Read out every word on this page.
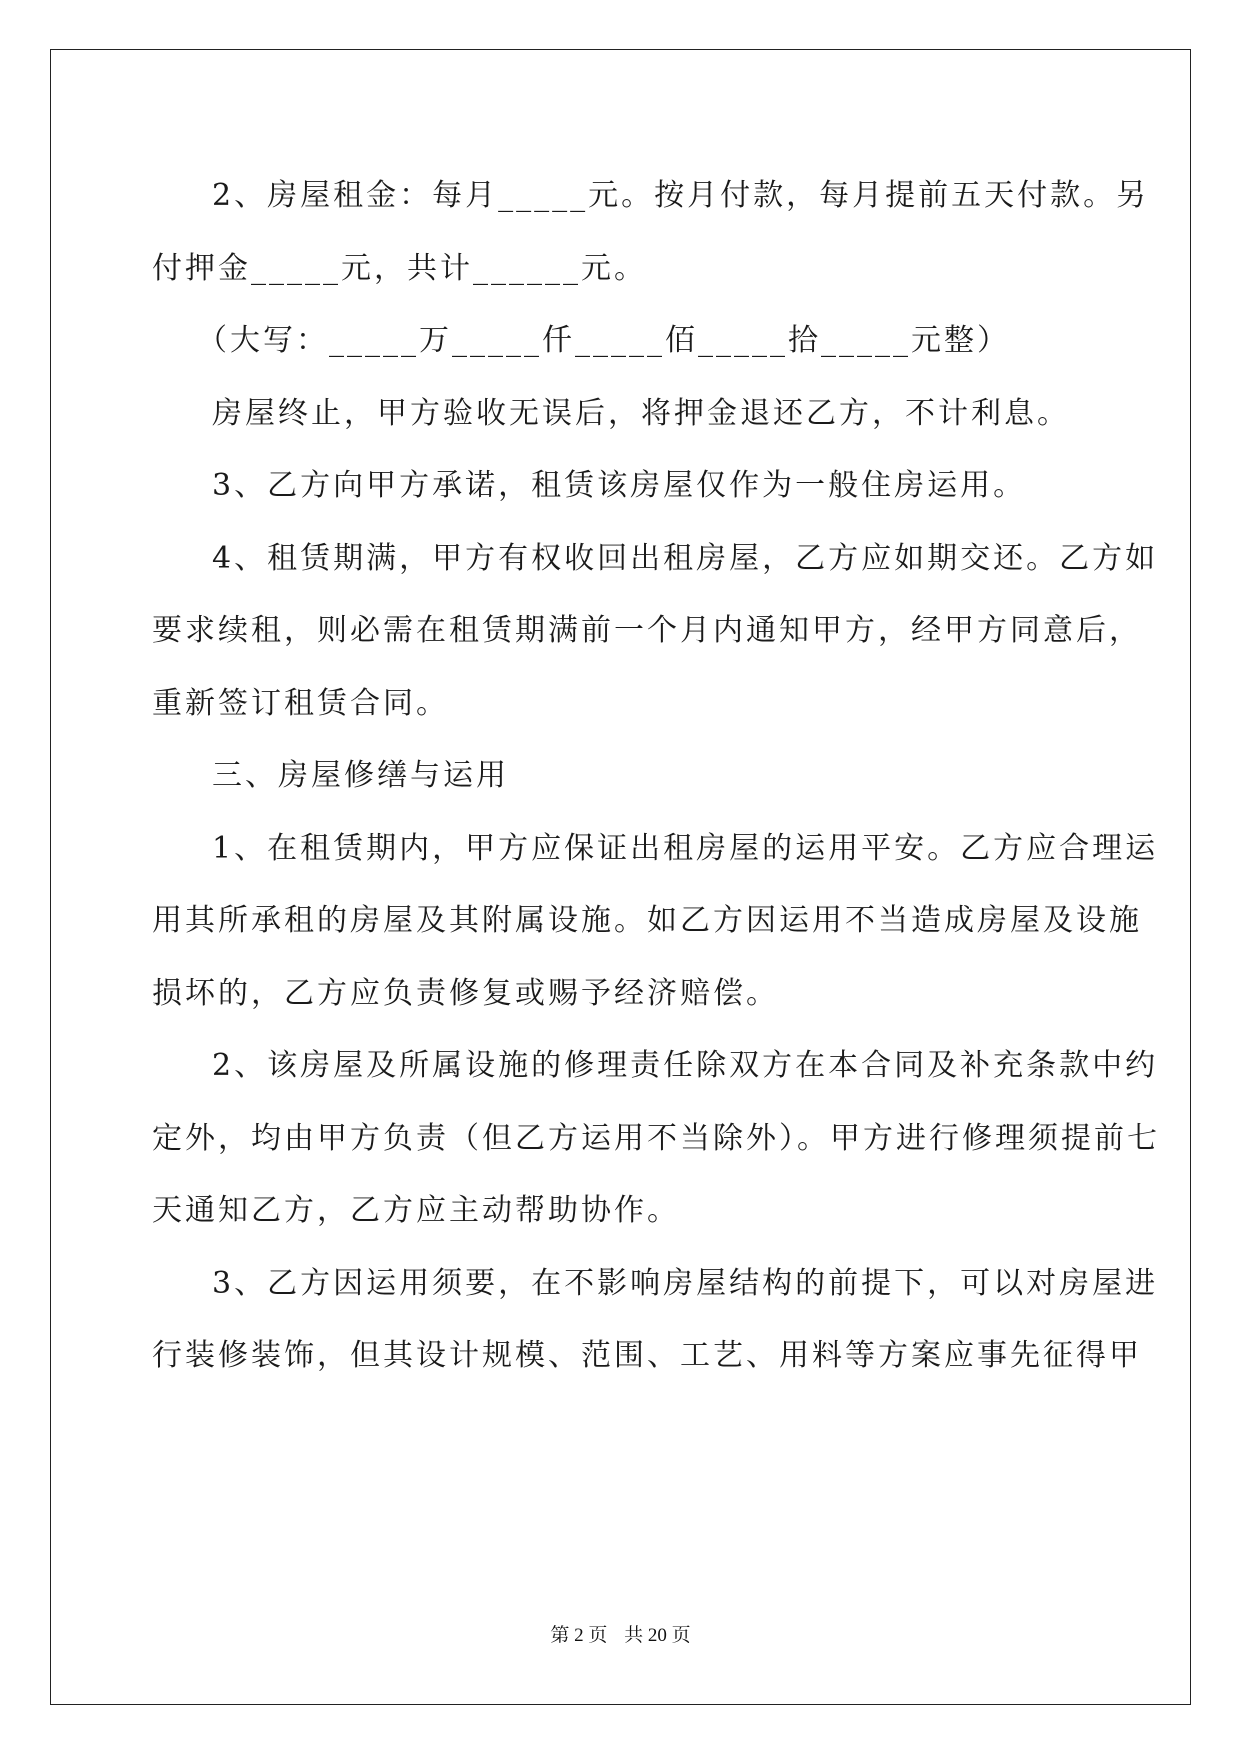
2、房屋租金：每月_____元。按月付款，每月提前五天付款。另

付押金_____元，共计______元。

（大写：_____万_____仟_____佰_____拾_____元整）

房屋终止，甲方验收无误后，将押金退还乙方，不计利息。

3、乙方向甲方承诺，租赁该房屋仅作为一般住房运用。

4、租赁期满，甲方有权收回出租房屋，乙方应如期交还。乙方如

要求续租，则必需在租赁期满前一个月内通知甲方，经甲方同意后，

重新签订租赁合同。

三、房屋修缮与运用

1、在租赁期内，甲方应保证出租房屋的运用平安。乙方应合理运

用其所承租的房屋及其附属设施。如乙方因运用不当造成房屋及设施

损坏的，乙方应负责修复或赐予经济赔偿。

2、该房屋及所属设施的修理责任除双方在本合同及补充条款中约

定外，均由甲方负责（但乙方运用不当除外）。甲方进行修理须提前七

天通知乙方，乙方应主动帮助协作。

3、乙方因运用须要，在不影响房屋结构的前提下，可以对房屋进

行装修装饰，但其设计规模、范围、工艺、用料等方案应事先征得甲

第 2 页 共 20 页
